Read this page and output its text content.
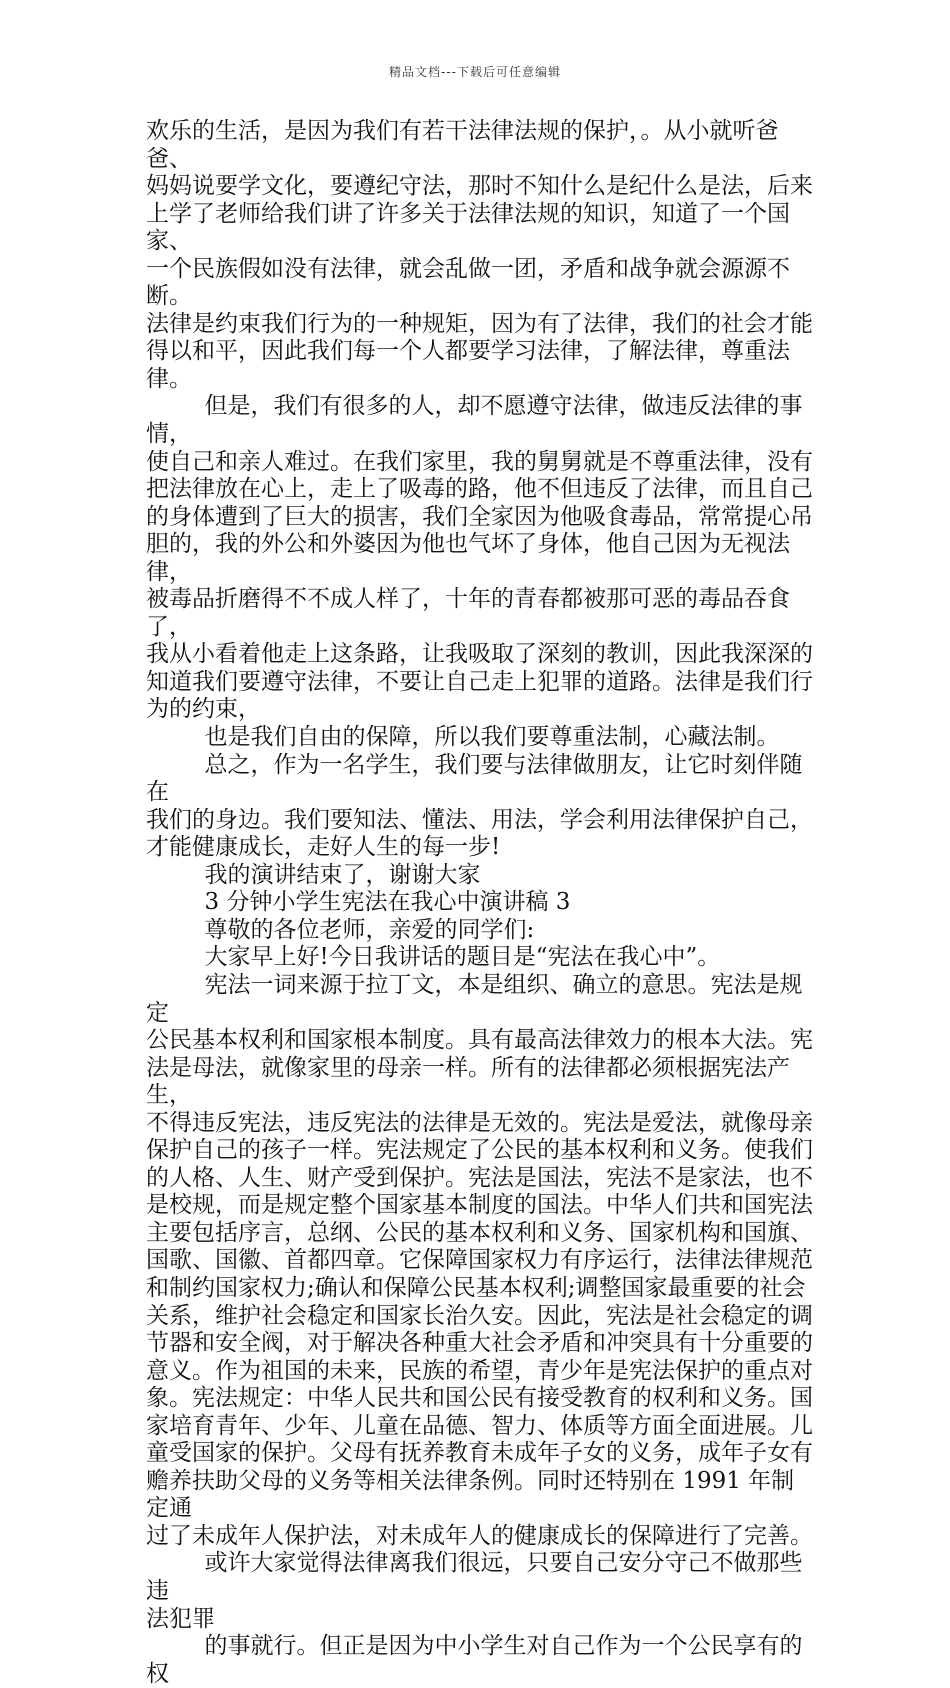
精品文档---下载后可任意编辑

欢乐的生活，是因为我们有若干法律法规的保护，。从小就听爸爸、
妈妈说要学文化，要遵纪守法，那时不知什么是纪什么是法，后来
上学了老师给我们讲了许多关于法律法规的知识，知道了一个国家、
一个民族假如没有法律，就会乱做一团，矛盾和战争就会源源不断。
法律是约束我们行为的一种规矩，因为有了法律，我们的社会才能
得以和平，因此我们每一个人都要学习法律，了解法律，尊重法律。

但是，我们有很多的人，却不愿遵守法律，做违反法律的事情，
使自己和亲人难过。在我们家里，我的舅舅就是不尊重法律，没有
把法律放在心上，走上了吸毒的路，他不但违反了法律，而且自己
的身体遭到了巨大的损害，我们全家因为他吸食毒品，常常提心吊
胆的，我的外公和外婆因为他也气坏了身体，他自己因为无视法律，
被毒品折磨得不不成人样了，十年的青春都被那可恶的毒品吞食了，
我从小看着他走上这条路，让我吸取了深刻的教训，因此我深深的
知道我们要遵守法律，不要让自己走上犯罪的道路。法律是我们行
为的约束，

也是我们自由的保障，所以我们要尊重法制，心藏法制。

总之，作为一名学生，我们要与法律做朋友，让它时刻伴随在
我们的身边。我们要知法、懂法、用法，学会利用法律保护自己，
才能健康成长，走好人生的每一步!

我的演讲结束了，谢谢大家

3 分钟小学生宪法在我心中演讲稿 3

尊敬的各位老师，亲爱的同学们:

大家早上好!今日我讲话的题目是“宪法在我心中”。

宪法一词来源于拉丁文，本是组织、确立的意思。宪法是规定
公民基本权利和国家根本制度。具有最高法律效力的根本大法。宪
法是母法，就像家里的母亲一样。所有的法律都必须根据宪法产生，
不得违反宪法，违反宪法的法律是无效的。宪法是爱法，就像母亲
保护自己的孩子一样。宪法规定了公民的基本权利和义务。使我们
的人格、人生、财产受到保护。宪法是国法，宪法不是家法，也不
是校规，而是规定整个国家基本制度的国法。中华人们共和国宪法
主要包括序言，总纲、公民的基本权利和义务、国家机构和国旗、
国歌、国徽、首都四章。它保障国家权力有序运行，法律法律规范
和制约国家权力;确认和保障公民基本权利;调整国家最重要的社会
关系，维护社会稳定和国家长治久安。因此，宪法是社会稳定的调
节器和安全阀，对于解决各种重大社会矛盾和冲突具有十分重要的
意义。作为祖国的未来，民族的希望，青少年是宪法保护的重点对
象。宪法规定：中华人民共和国公民有接受教育的权利和义务。国
家培育青年、少年、儿童在品德、智力、体质等方面全面进展。儿
童受国家的保护。父母有抚养教育未成年子女的义务，成年子女有
赡养扶助父母的义务等相关法律条例。同时还特别在 1991 年制定通
过了未成年人保护法，对未成年人的健康成长的保障进行了完善。

或许大家觉得法律离我们很远，只要自己安分守己不做那些违
法犯罪

的事就行。但正是因为中小学生对自己作为一个公民享有的权
